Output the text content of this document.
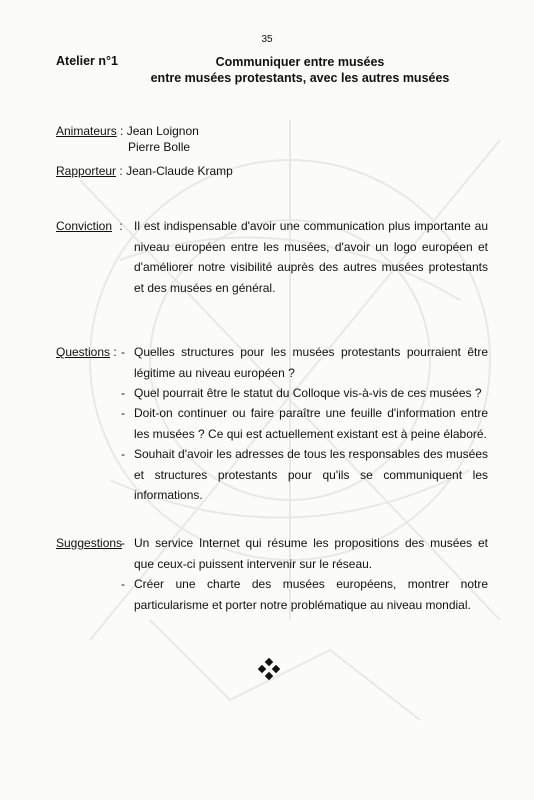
35
Atelier n°1	Communiquer entre musées
entre musées protestants, avec les autres musées
Animateurs : Jean Loignon
Pierre Bolle
Rapporteur : Jean-Claude Kramp
Conviction : Il est indispensable d'avoir une communication plus importante au niveau européen entre les musées, d'avoir un logo européen et d'améliorer notre visibilité auprès des autres musées protestants et des musées en général.
Questions : - Quelles structures pour les musées protestants pourraient être légitime au niveau européen ?
- Quel pourrait être le statut du Colloque vis-à-vis de ces musées ?
- Doit-on continuer ou faire paraître une feuille d'information entre les musées ? Ce qui est actuellement existant est à peine élaboré.
- Souhait d'avoir les adresses de tous les responsables des musées et structures protestants pour qu'ils se communiquent les informations.
Suggestions
- Un service Internet qui résume les propositions des musées et que ceux-ci puissent intervenir sur le réseau.
- Créer une charte des musées européens, montrer notre particularisme et porter notre problématique au niveau mondial.
